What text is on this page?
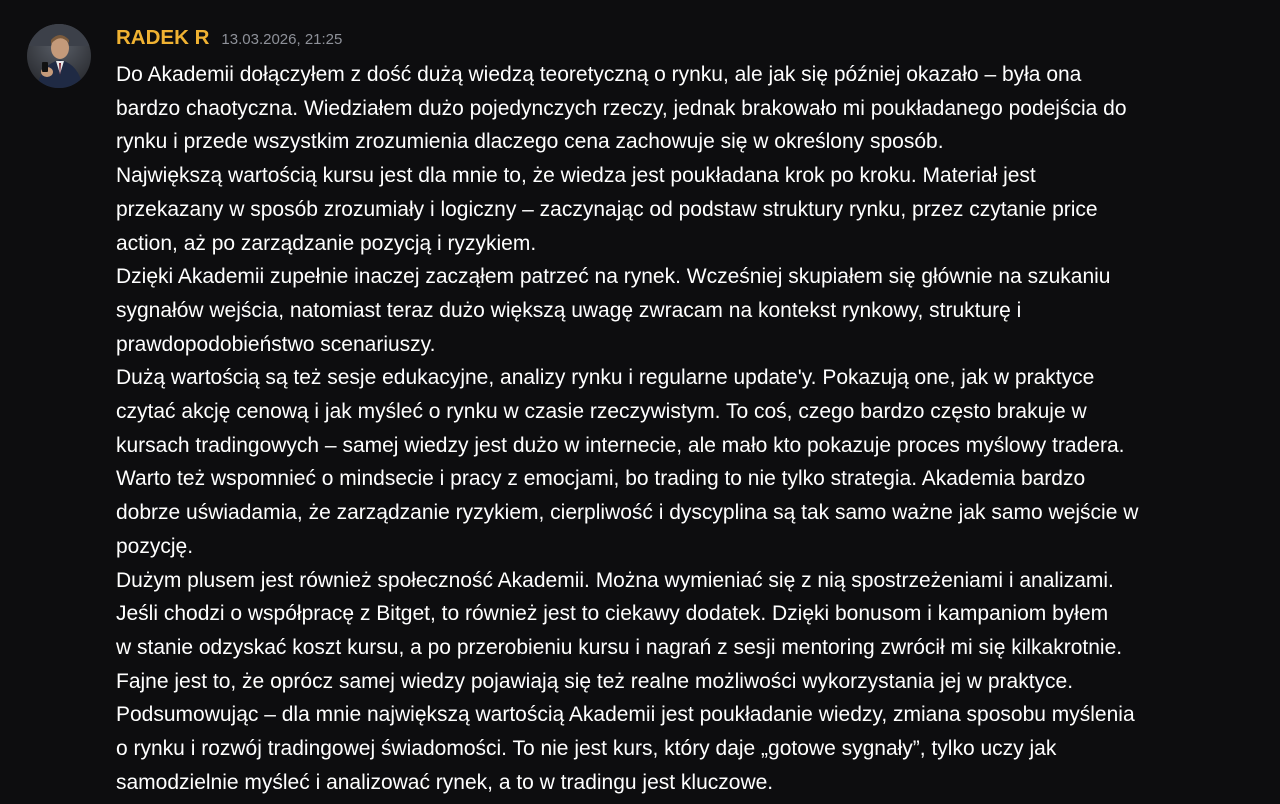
RADEK R 13.03.2026, 21:25
Do Akademii dołączyłem z dość dużą wiedzą teoretyczną o rynku, ale jak się później okazało – była ona
bardzo chaotyczna. Wiedziałem dużo pojedynczych rzeczy, jednak brakowało mi poukładanego podejścia do
rynku i przede wszystkim zrozumienia dlaczego cena zachowuje się w określony sposób.
Największą wartością kursu jest dla mnie to, że wiedza jest poukładana krok po kroku. Materiał jest
przekazany w sposób zrozumiały i logiczny – zaczynając od podstaw struktury rynku, przez czytanie price
action, aż po zarządzanie pozycją i ryzykiem.
Dzięki Akademii zupełnie inaczej zacząłem patrzeć na rynek. Wcześniej skupiałem się głównie na szukaniu
sygnałów wejścia, natomiast teraz dużo większą uwagę zwracam na kontekst rynkowy, strukturę i
prawdopodobieństwo scenariuszy.
Dużą wartością są też sesje edukacyjne, analizy rynku i regularne update'y. Pokazują one, jak w praktyce
czytać akcję cenową i jak myśleć o rynku w czasie rzeczywistym. To coś, czego bardzo często brakuje w
kursach tradingowych – samej wiedzy jest dużo w internecie, ale mało kto pokazuje proces myślowy tradera.
Warto też wspomnieć o mindsecie i pracy z emocjami, bo trading to nie tylko strategia. Akademia bardzo
dobrze uświadamia, że zarządzanie ryzykiem, cierpliwość i dyscyplina są tak samo ważne jak samo wejście w
pozycję.
Dużym plusem jest również społeczność Akademii. Można wymieniać się z nią spostrzeżeniami i analizami.
Jeśli chodzi o współpracę z Bitget, to również jest to ciekawy dodatek. Dzięki bonusom i kampaniom byłem
w stanie odzyskać koszt kursu, a po przerobieniu kursu i nagrań z sesji mentoring zwrócił mi się kilkakrotnie.
Fajne jest to, że oprócz samej wiedzy pojawiają się też realne możliwości wykorzystania jej w praktyce.
Podsumowując – dla mnie największą wartością Akademii jest poukładanie wiedzy, zmiana sposobu myślenia
o rynku i rozwój tradingowej świadomości. To nie jest kurs, który daje „gotowe sygnały”, tylko uczy jak
samodzielnie myśleć i analizować rynek, a to w tradingu jest kluczowe.
